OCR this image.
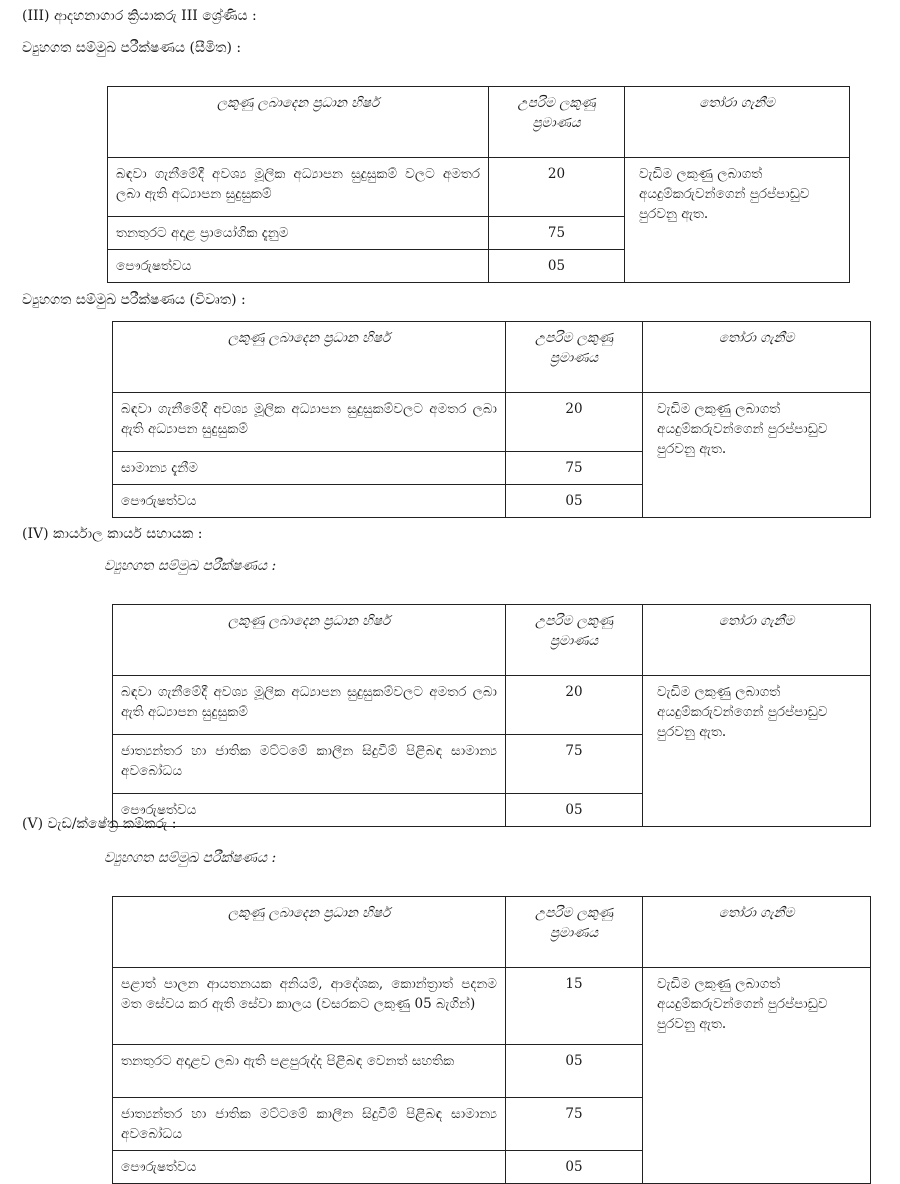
(III) ආදහනාගාර ක්‍රියාකරු III ශ්‍රේණිය :
ව්‍යුහගත සම්මුඛ පරීක්ෂණය (සීමිත) :
ලකුණු ලබාදෙන ප්‍රධාන හිර්ෂ	උපරිම ලකුණු ප්‍රමාණය	තෝරා ගැනීම
බඳවා ගැනීමේදී අවශ්‍ය මූලික අධ්‍යාපන සුදුසුකම් වලට අමතර ලබා ඇති අධ්‍යාපන සුදුසුකම්	20	වැඩිම ලකුණු ලබාගත් අයදුම්කරුවන්ගෙන් පුරප්පාඩුව පුරවනු ඇත.
තනතුරට අදාළ ප්‍රායෝගික දැනුම	75	
පෞරුෂත්වය	05	
ව්‍යුහගත සම්මුඛ පරීක්ෂණය (විවෘත) :
ලකුණු ලබාදෙන ප්‍රධාන හිර්ෂ	උපරිම ලකුණු ප්‍රමාණය	තෝරා ගැනීම
බඳවා ගැනීමේදී අවශ්‍ය මූලික අධ්‍යාපන සුදුසුකම්වලට අමතර ලබා ඇති අධ්‍යාපන සුදුසුකම්	20	වැඩිම ලකුණු ලබාගත් අයදුම්කරුවන්ගෙන් පුරප්පාඩුව පුරවනු ඇත.
සාමාන්‍ය දැනීම	75	
පෞරුෂත්වය	05	
(IV) කාර්යාල කාර්ය සහායක :
ව්‍යුහගත සම්මුඛ පරීක්ෂණය :
ලකුණු ලබාදෙන ප්‍රධාන හිර්ෂ	උපරිම ලකුණු ප්‍රමාණය	තෝරා ගැනීම
බඳවා ගැනීමේදී අවශ්‍ය මූලික අධ්‍යාපන සුදුසුකම්වලට අමතර ලබා ඇති අධ්‍යාපන සුදුසුකම්	20	වැඩිම ලකුණු ලබාගත් අයදුම්කරුවන්ගෙන් පුරප්පාඩුව පුරවනු ඇත.
ජාත්‍යන්තර හා ජාතික මට්ටමේ කාලීන සිදුවීම් පිළිබඳ සාමාන්‍ය අවබෝධය	75	
පෞරුෂත්වය	05	
(V) වැඩ/ක්ෂේත්‍ර කම්කරු :
ව්‍යුහගත සම්මුඛ පරීක්ෂණය :
ලකුණු ලබාදෙන ප්‍රධාන හිර්ෂ	උපරිම ලකුණු ප්‍රමාණය	තෝරා ගැනීම
පළාත් පාලන ආයතනයක අනියම්, ආදේශක, කොන්ත්‍රාත් පදනම මත සේවය කර ඇති සේවා කාලය (වසරකට ලකුණු 05 බැගින්)	15	වැඩිම ලකුණු ලබාගත් අයදුම්කරුවන්ගෙන් පුරප්පාඩුව පුරවනු ඇත.
තනතුරට අදාළව ලබා ඇති පළපුරුද්ද පිළිබඳ වෙනත් සහතික	05	
ජාත්‍යන්තර හා ජාතික මට්ටමේ කාලීන සිදුවීම් පිළිබඳ සාමාන්‍ය අවබෝධය	75	
පෞරුෂත්වය	05	
